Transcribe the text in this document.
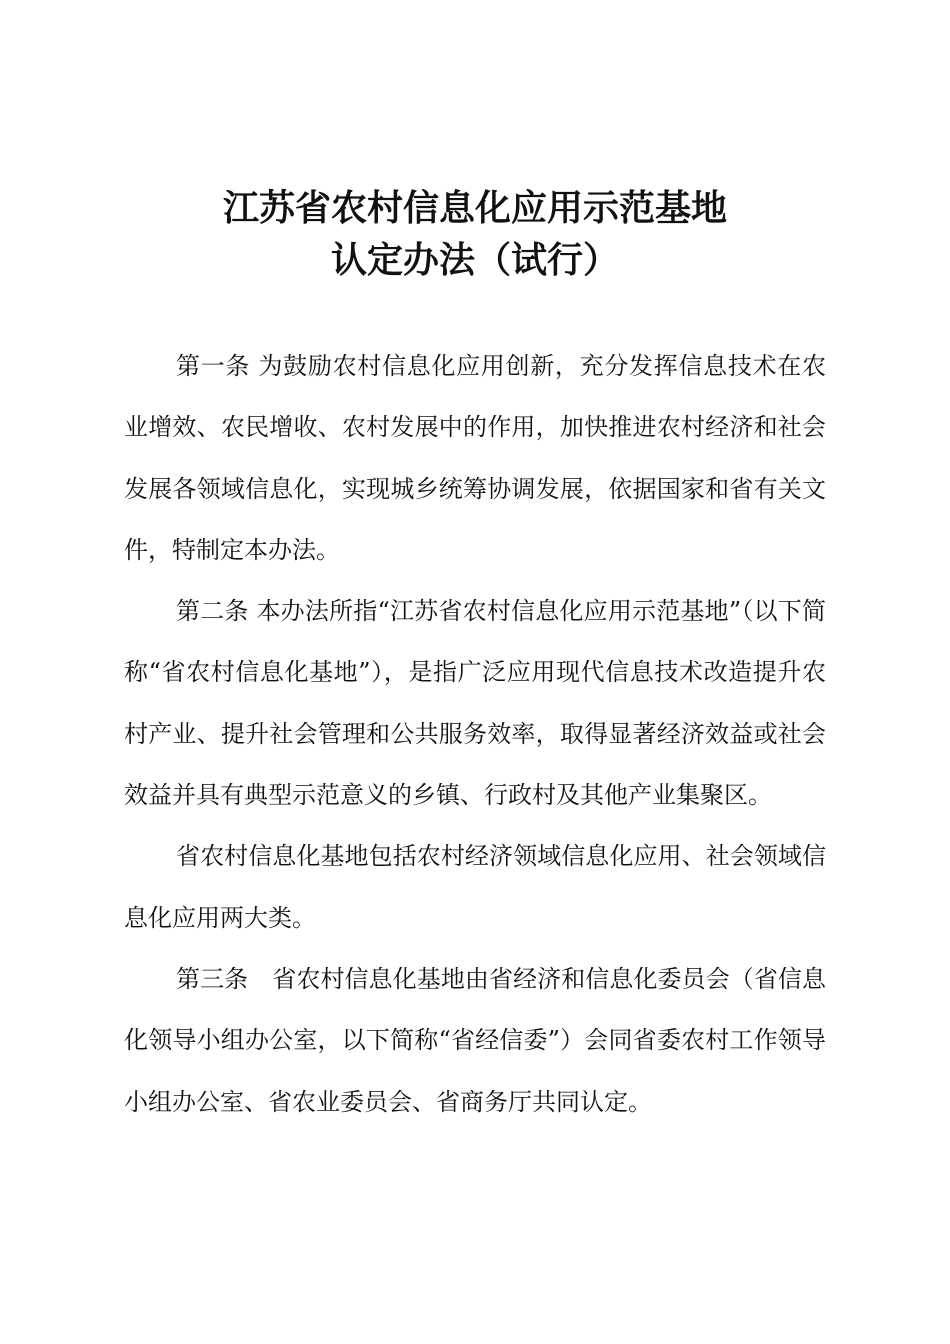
江苏省农村信息化应用示范基地
认定办法（试行）

第一条 为鼓励农村信息化应用创新，充分发挥信息技术在农业增效、农民增收、农村发展中的作用，加快推进农村经济和社会发展各领域信息化，实现城乡统筹协调发展，依据国家和省有关文件，特制定本办法。

第二条 本办法所指“江苏省农村信息化应用示范基地”（以下简称“省农村信息化基地”），是指广泛应用现代信息技术改造提升农村产业、提升社会管理和公共服务效率，取得显著经济效益或社会效益并具有典型示范意义的乡镇、行政村及其他产业集聚区。

省农村信息化基地包括农村经济领域信息化应用、社会领域信息化应用两大类。

第三条　省农村信息化基地由省经济和信息化委员会（省信息化领导小组办公室，以下简称“省经信委”）会同省委农村工作领导小组办公室、省农业委员会、省商务厅共同认定。
